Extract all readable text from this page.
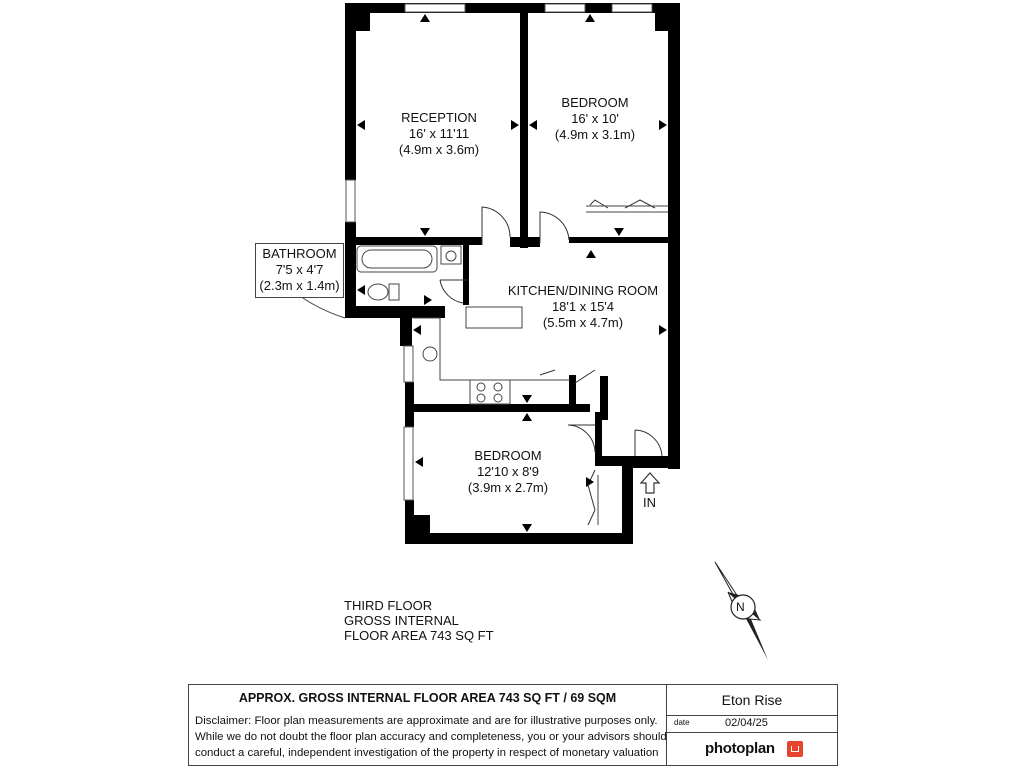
N
RECEPTION
16' x 11'11
(4.9m x 3.6m)
BEDROOM
16' x 10'
(4.9m x 3.1m)
BATHROOM
7'5 x 4'7
(2.3m x 1.4m)	KITCHEN/DINING ROOM
18'1 x 15'4
(5.5m x 4.7m)
BEDROOM
12'10 x 8'9
(3.9m x 2.7m)
IN
THIRD FLOOR
GROSS INTERNAL
FLOOR AREA 743 SQ FT
APPROX. GROSS INTERNAL FLOOR AREA 743 SQ FT / 69 SQM
Disclaimer: Floor plan measurements are approximate and are for illustrative purposes only.
While we do not doubt the floor plan accuracy and completeness, you or your advisors should
conduct a careful, independent investigation of the property in respect of monetary valuation
Eton Rise
date	02/04/25
photoplan
